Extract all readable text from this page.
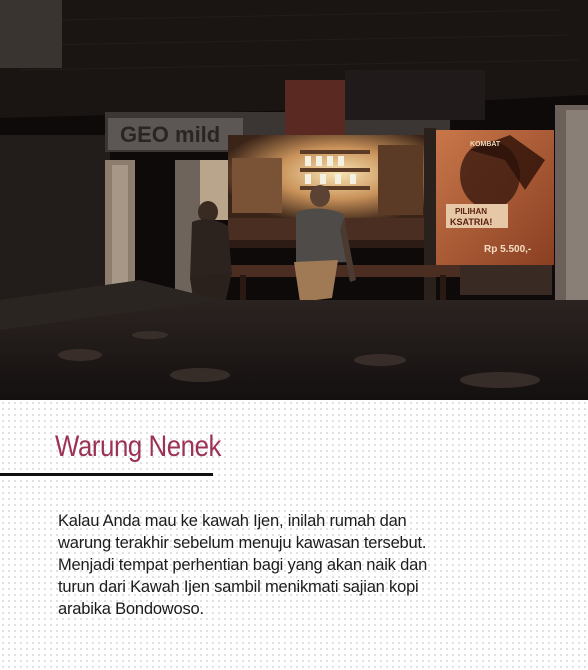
GEO mild
PILIHAN
KSATRIA!
KOMBAT
Rp 5.500,-
Warung Nenek

Kalau Anda mau ke kawah Ijen, inilah rumah dan
warung terakhir sebelum menuju kawasan tersebut.
Menjadi tempat perhentian bagi yang akan naik dan
turun dari Kawah Ijen sambil menikmati sajian kopi
arabika Bondowoso.
